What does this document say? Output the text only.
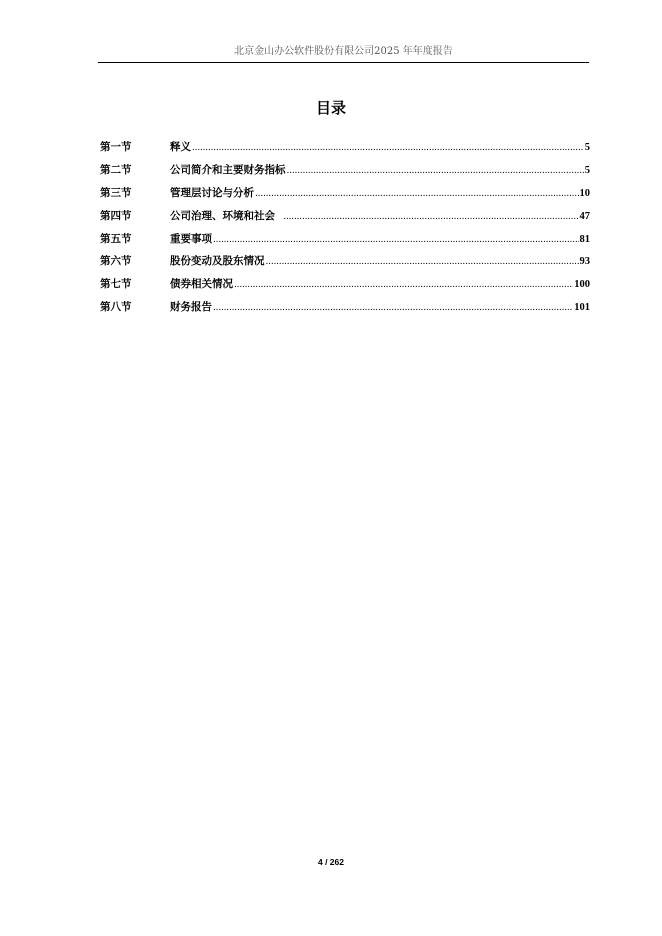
北京金山办公软件股份有限公司2025 年年度报告
目录
第一节	释义 .....	5
第二节	公司简介和主要财务指标 .....	5
第三节	管理层讨论与分析 .....	10
第四节	公司治理、环境和社会 .....	47
第五节	重要事项 .....	81
第六节	股份变动及股东情况 .....	93
第七节	债券相关情况 .....	100
第八节	财务报告 .....	101
4 / 262
